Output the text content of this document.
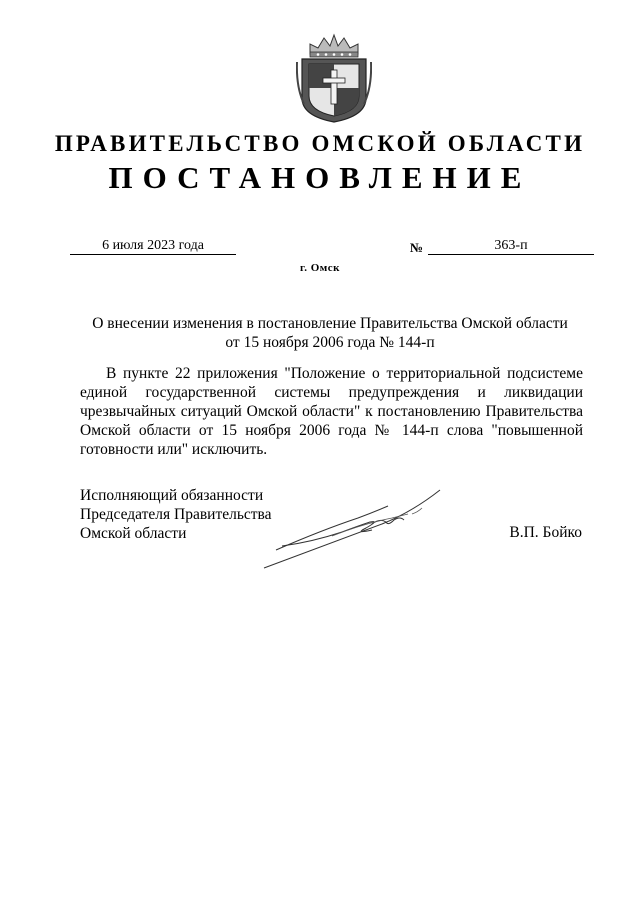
ПРАВИТЕЛЬСТВО ОМСКОЙ ОБЛАСТИ
ПОСТАНОВЛЕНИЕ
6 июля 2023 года	№	363-п
г. Омск
О внесении изменения в постановление Правительства Омской области
от 15 ноября 2006 года № 144-п
В пункте 22 приложения "Положение о территориальной подсистеме единой государственной системы предупреждения и ликвидации чрезвычайных ситуаций Омской области" к постановлению Правительства Омской области от 15 ноября 2006 года № 144-п слова "повышенной готовности или" исключить.
Исполняющий обязанности
Председателя Правительства
Омской области	В.П. Бойко
